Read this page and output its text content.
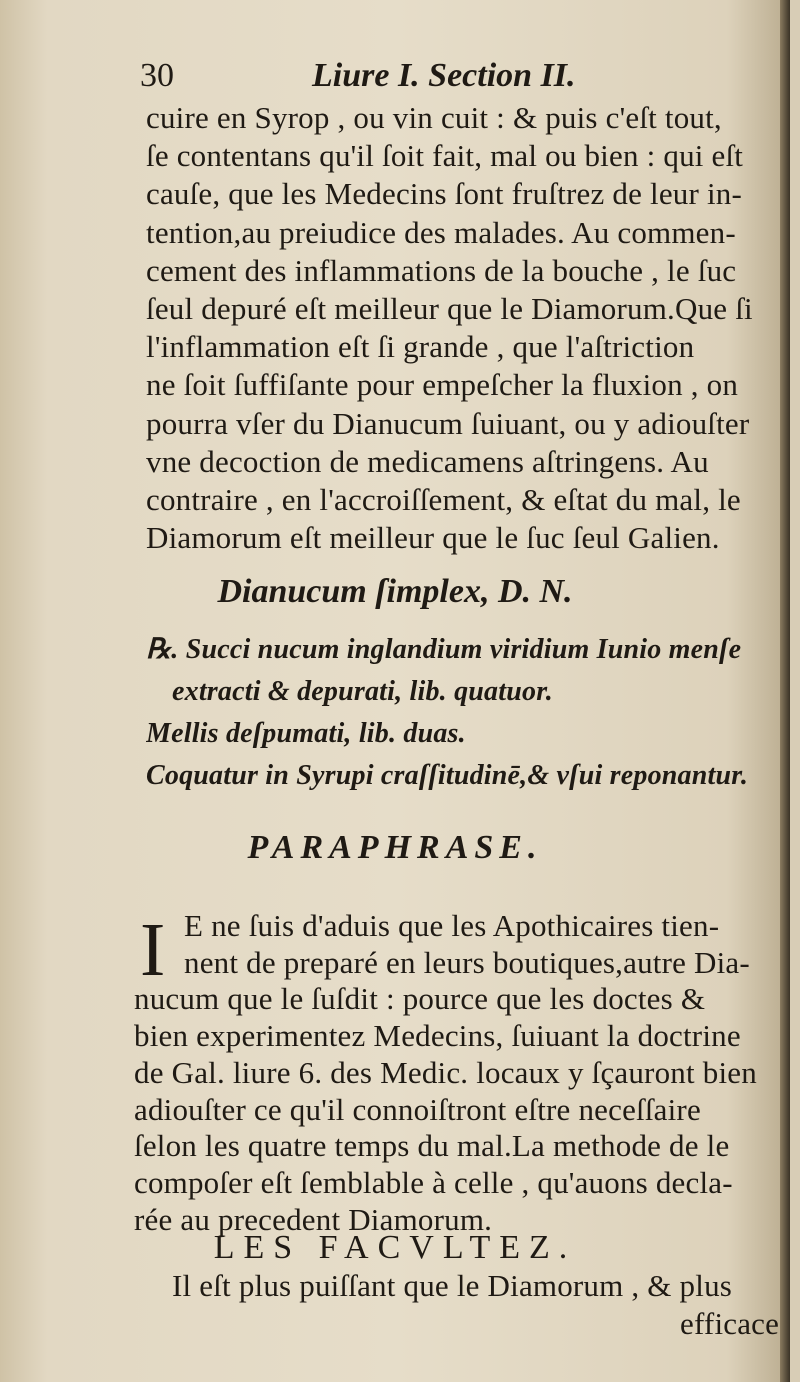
30	Liure I. Section II.
cuire en Syrop , ou vin cuit : & puis c'eſt tout,
ſe contentans qu'il ſoit fait, mal ou bien : qui eſt
cauſe, que les Medecins ſont fruſtrez de leur in-
tention,au preiudice des malades. Au commen-
cement des inflammations de la bouche , le ſuc
ſeul depuré eſt meilleur que le Diamorum.Que ſi
l'inflammation eſt ſi grande , que l'aſtriction
ne ſoit ſuffiſante pour empeſcher la fluxion , on
pourra vſer du Dianucum ſuiuant, ou y adiouſter
vne decoction de medicamens aſtringens. Au
contraire , en l'accroiſſement, & eſtat du mal, le
Diamorum eſt meilleur que le ſuc ſeul Galien.
Dianucum ſimplex, D. N.
℞. Succi nucum inglandium viridium Iunio menſe
extracti & depurati, lib. quatuor.
Mellis deſpumati, lib. duas.
Coquatur in Syrupi craſſitudinē,& vſui reponantur.
PARAPHRASE.
I E ne ſuis d'aduis que les Apothicaires tien-
nent de preparé en leurs boutiques,autre Dia-
nucum que le ſuſdit : pource que les doctes &
bien experimentez Medecins, ſuiuant la doctrine
de Gal. liure 6. des Medic. locaux y ſçauront bien
adiouſter ce qu'il connoiſtront eſtre neceſſaire
ſelon les quatre temps du mal.La methode de le
compoſer eſt ſemblable à celle , qu'auons decla-
rée au precedent Diamorum.
LES FACVLTEZ.
Il eſt plus puiſſant que le Diamorum , & plus
efficace
